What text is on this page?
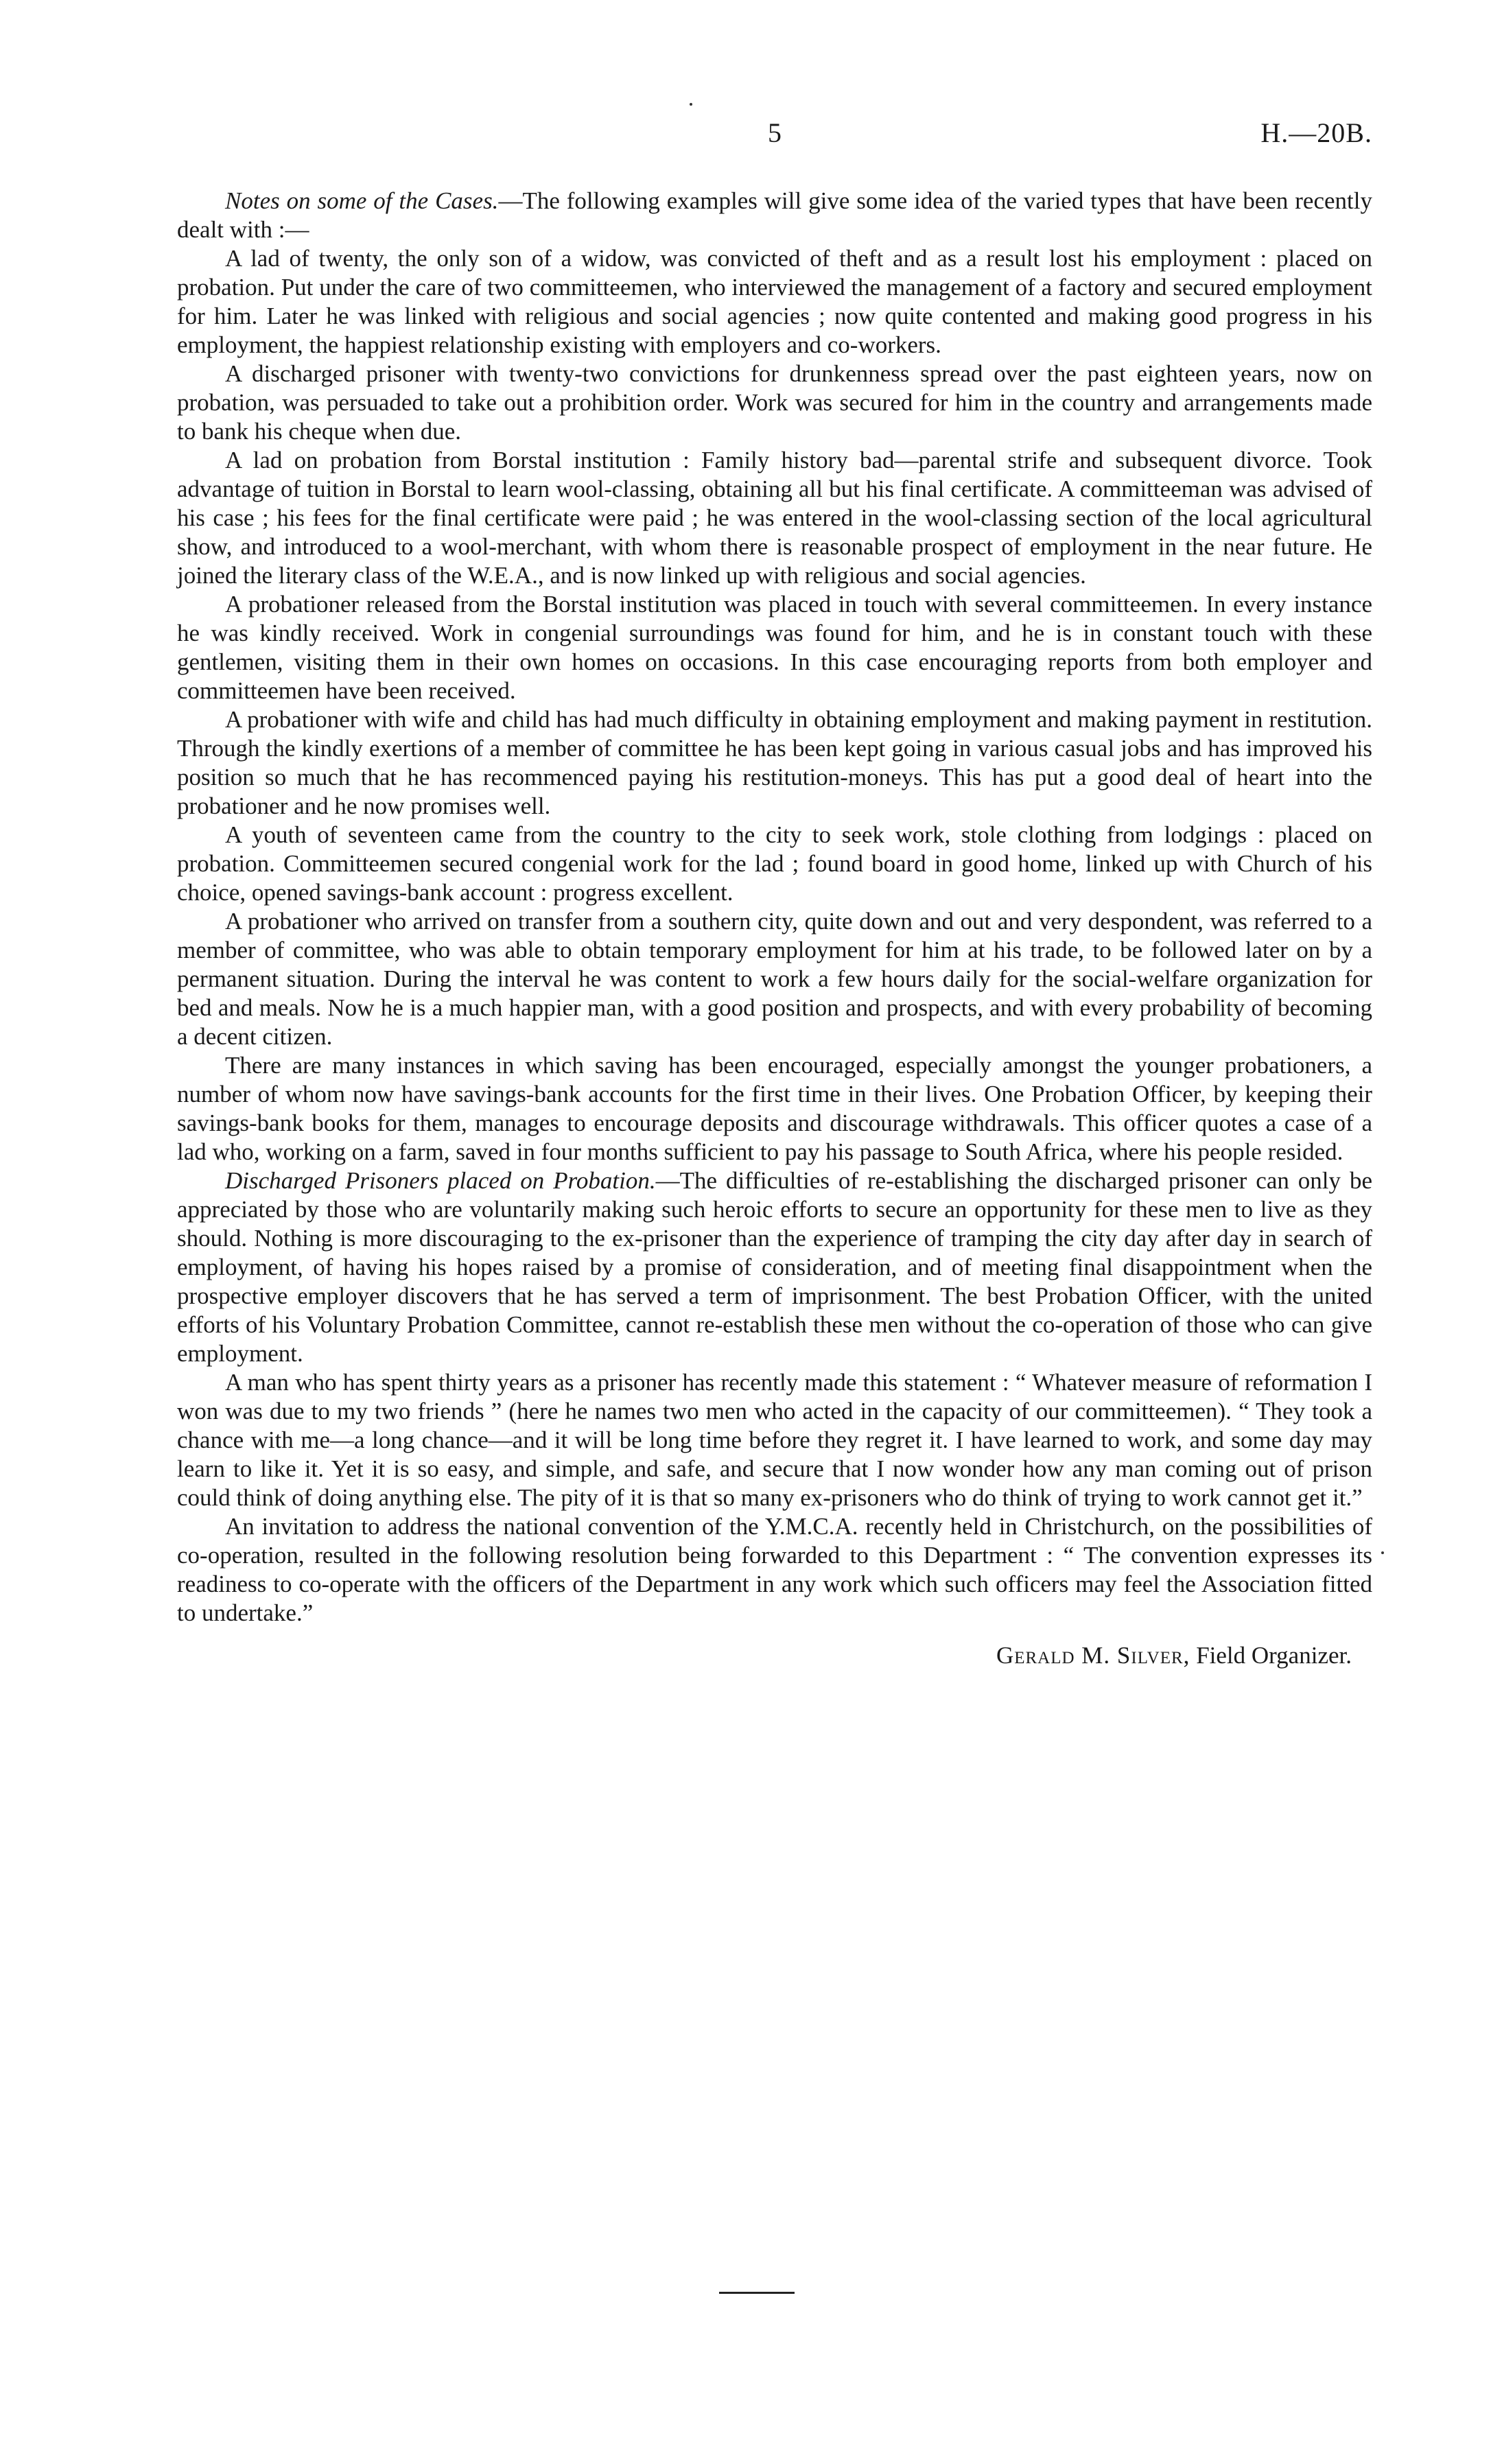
5	H.—20B.

Notes on some of the Cases.—The following examples will give some idea of the varied types that have been recently dealt with :—

A lad of twenty, the only son of a widow, was convicted of theft and as a result lost his employment : placed on probation. Put under the care of two committeemen, who interviewed the management of a factory and secured employment for him. Later he was linked with religious and social agencies ; now quite contented and making good progress in his employment, the happiest relationship existing with employers and co-workers.

A discharged prisoner with twenty-two convictions for drunkenness spread over the past eighteen years, now on probation, was persuaded to take out a prohibition order. Work was secured for him in the country and arrangements made to bank his cheque when due.

A lad on probation from Borstal institution : Family history bad—parental strife and subsequent divorce. Took advantage of tuition in Borstal to learn wool-classing, obtaining all but his final certificate. A committeeman was advised of his case ; his fees for the final certificate were paid ; he was entered in the wool-classing section of the local agricultural show, and introduced to a wool-merchant, with whom there is reasonable prospect of employment in the near future. He joined the literary class of the W.E.A., and is now linked up with religious and social agencies.

A probationer released from the Borstal institution was placed in touch with several committeemen. In every instance he was kindly received. Work in congenial surroundings was found for him, and he is in constant touch with these gentlemen, visiting them in their own homes on occasions. In this case encouraging reports from both employer and committeemen have been received.

A probationer with wife and child has had much difficulty in obtaining employment and making payment in restitution. Through the kindly exertions of a member of committee he has been kept going in various casual jobs and has improved his position so much that he has recommenced paying his restitution-moneys. This has put a good deal of heart into the probationer and he now promises well.

A youth of seventeen came from the country to the city to seek work, stole clothing from lodgings : placed on probation. Committeemen secured congenial work for the lad ; found board in good home, linked up with Church of his choice, opened savings-bank account : progress excellent.

A probationer who arrived on transfer from a southern city, quite down and out and very despondent, was referred to a member of committee, who was able to obtain temporary employment for him at his trade, to be followed later on by a permanent situation. During the interval he was content to work a few hours daily for the social-welfare organization for bed and meals. Now he is a much happier man, with a good position and prospects, and with every probability of becoming a decent citizen.

There are many instances in which saving has been encouraged, especially amongst the younger probationers, a number of whom now have savings-bank accounts for the first time in their lives. One Probation Officer, by keeping their savings-bank books for them, manages to encourage deposits and discourage withdrawals. This officer quotes a case of a lad who, working on a farm, saved in four months sufficient to pay his passage to South Africa, where his people resided.

Discharged Prisoners placed on Probation.—The difficulties of re-establishing the discharged prisoner can only be appreciated by those who are voluntarily making such heroic efforts to secure an opportunity for these men to live as they should. Nothing is more discouraging to the ex-prisoner than the experience of tramping the city day after day in search of employment, of having his hopes raised by a promise of consideration, and of meeting final disappointment when the prospective employer discovers that he has served a term of imprisonment. The best Probation Officer, with the united efforts of his Voluntary Probation Committee, cannot re-establish these men without the co-operation of those who can give employment.

A man who has spent thirty years as a prisoner has recently made this statement : “ Whatever measure of reformation I won was due to my two friends ” (here he names two men who acted in the capacity of our committeemen). “ They took a chance with me—a long chance—and it will be long time before they regret it. I have learned to work, and some day may learn to like it. Yet it is so easy, and simple, and safe, and secure that I now wonder how any man coming out of prison could think of doing anything else. The pity of it is that so many ex-prisoners who do think of trying to work cannot get it.”

An invitation to address the national convention of the Y.M.C.A. recently held in Christchurch, on the possibilities of co-operation, resulted in the following resolution being forwarded to this Department : “ The convention expresses its readiness to co-operate with the officers of the Department in any work which such officers may feel the Association fitted to undertake.”

Gerald M. Silver, Field Organizer.
